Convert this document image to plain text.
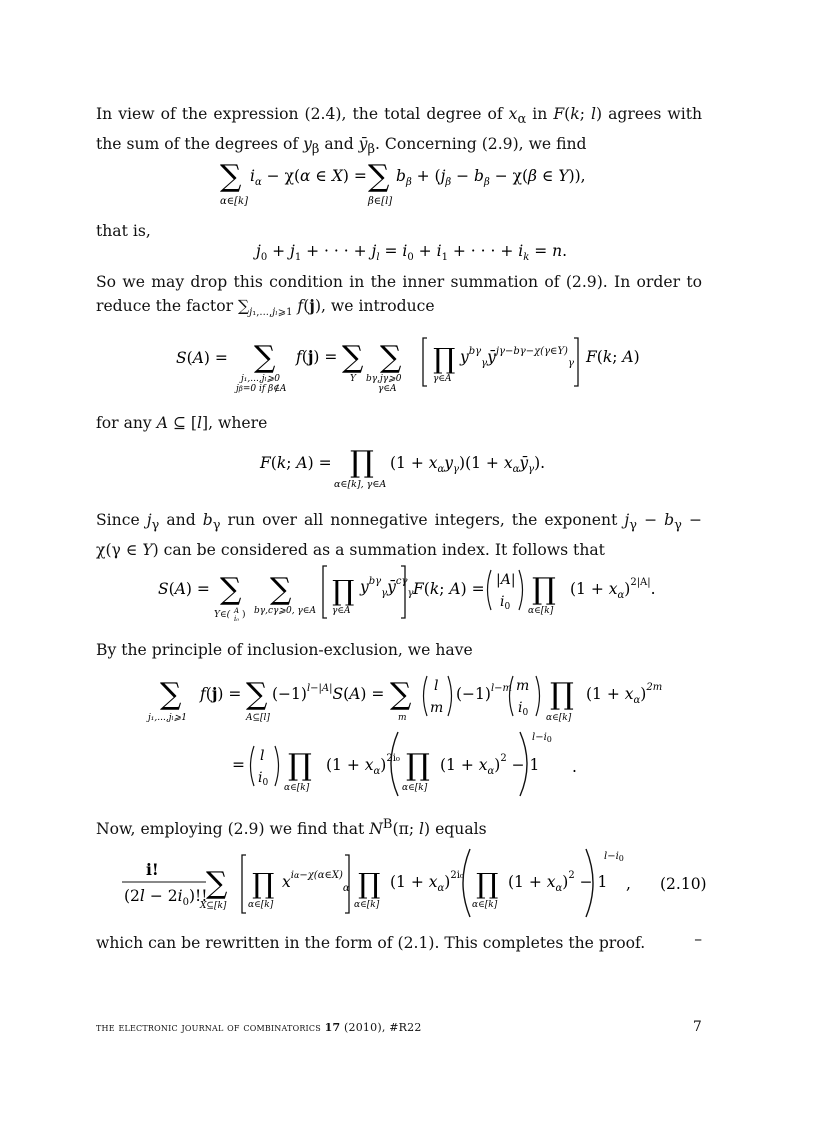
In view of the expression (2.4), the total degree of $x_\alpha$ in F(k; l) agrees with the sum of the degrees of $y_\beta$ and $ȳ_\beta$. Concerning (2.9), we find
∑
α∈[k]
$i_\alpha - \chi(\alpha$ ∈ X) = ∑
β∈[l]
$b_\beta + (j_\beta - b_\beta - \chi(\beta$ ∈ Y)),
that is,
$j_0 + j_1$ + · · · + $j_l = i_0 + i_1$ + · · · + $i_k = n$.
So we may drop this condition in the inner summation of (2.9). In order to reduce the factor $\sum_{j_1,...,j_l⩾1}$ f(j), we introduce
S(A) = ∑
j₁,...,jₗ⩾0
jβ=0 if β∉A
f(j) = ∑
Y
∑
bγ,jγ⩾0
γ∈A
∏
γ∈A
$y^{b\gamma}_\gamma ȳ^{j\gamma-b\gamma-\chi(\gamma\in Y)}_\gamma$ F(k; A)
for any A ⊆ [l], where
F(k; A) = ∏
α∈[k], γ∈A
$(1 + x_\alpha y_\gamma)(1$ + $x_\alpha ȳ_\gamma$).
Since $j_\gamma$ and $b_\gamma$ run over all nonnegative integers, the exponent $j_\gamma - b_\gamma - \chi(\gamma$ ∈ Y) can be considered as a summation index. It follows that
S(A) = ∑
Y∈( A
i₀ )
∑
bγ,cγ⩾0, γ∈A
∏
γ∈A
$y^{b\gamma}_\gamma ȳ^{c\gamma}_\gamma$ F(k; A) = |A|
$i_0$ ∏
α∈[k]
$(1 + x_\alpha)^{2|A|}$.
By the principle of inclusion-exclusion, we have
∑
j₁,...,jₗ⩾1
f(j) = ∑
A⊆[l]
$(-1)^{l-|A|}S(A)$ = ∑
m
l
m
$(-1)^{l-m}$ m
$i_0$
∏
α∈[k]
$(1 + x_\alpha)^{2m}$
= l
$i_0$ ∏
α∈[k]
$(1 + x_\alpha)^{2i_0}$ ∏
α∈[k]
$(1 + x_\alpha)^2 - 1$
$l-i_0$
.
Now, employing (2.9) we find that $N^B(\pi$; l) equals
i!
$(2l - 2i_0)$!!
∑
X⊆[k]
∏
α∈[k]
$x^{i\alpha-\chi(\alpha\in X)}_\alpha$ ∏
α∈[k]
$(1 + x_\alpha)^{2i_0}$ ∏
α∈[k]
$(1 + x_\alpha)^2 - 1$
$l-i_0$
, (2.10)
which can be rewritten in the form of (2.1). This completes the proof.	–
the electronic journal of combinatorics 17 (2010), #R22	7
